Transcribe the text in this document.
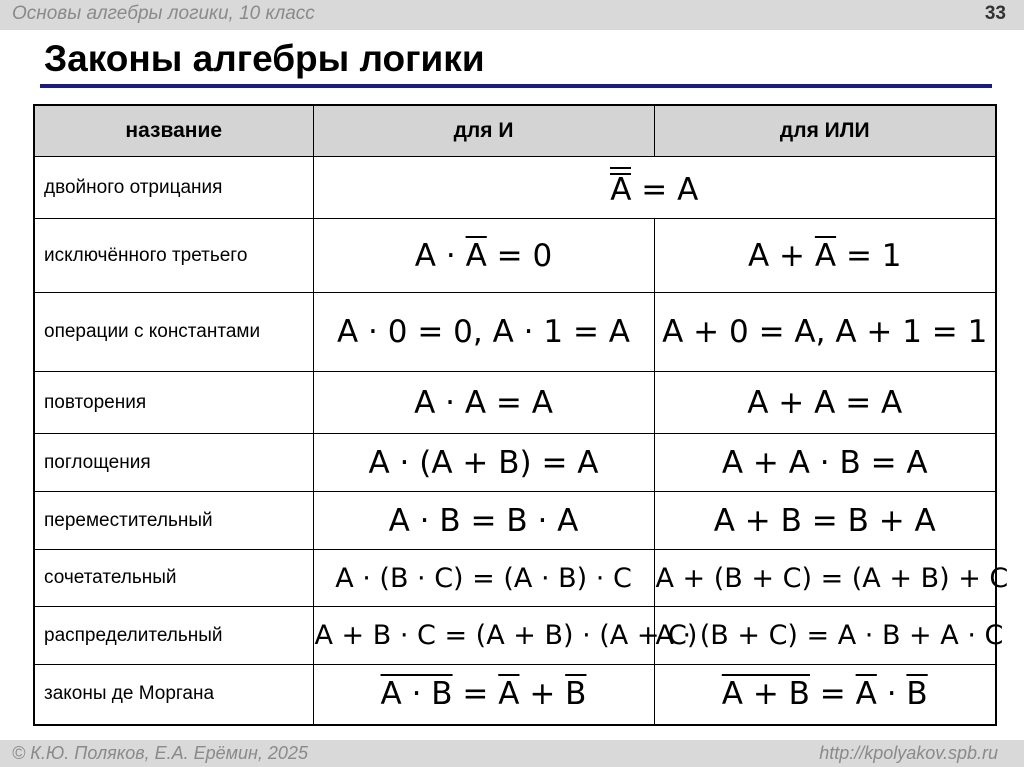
Основы алгебры логики, 10 класс	33
Законы алгебры логики
название	для И	для ИЛИ
двойного отрицания	A = A	
исключённого третьего	$A \cdot \overline{A} = 0$	$A + \overline{A} = 1$
операции с константами	A · 0 = 0, A · 1 = A	A + 0 = A, A + 1 = 1
повторения	A · A = A	A + A = A
поглощения	A · (A + B) = A	A + A · B = A
переместительный	A · B = B · A	A + B = B + A
сочетательный	A · (B · C) = (A · B) · C	A + (B + C) = (A + B) + C
распределительный	A + B · C = (A + B) · (A + C)	A · (B + C) = A · B + A · C
законы де Моргана	$A \cdot B = \overline{A} + \overline{B}$	$A + B = \overline{A} \cdot \overline{B}$
© К.Ю. Поляков, Е.А. Ерёмин, 2025	http://kpolyakov.spb.ru
